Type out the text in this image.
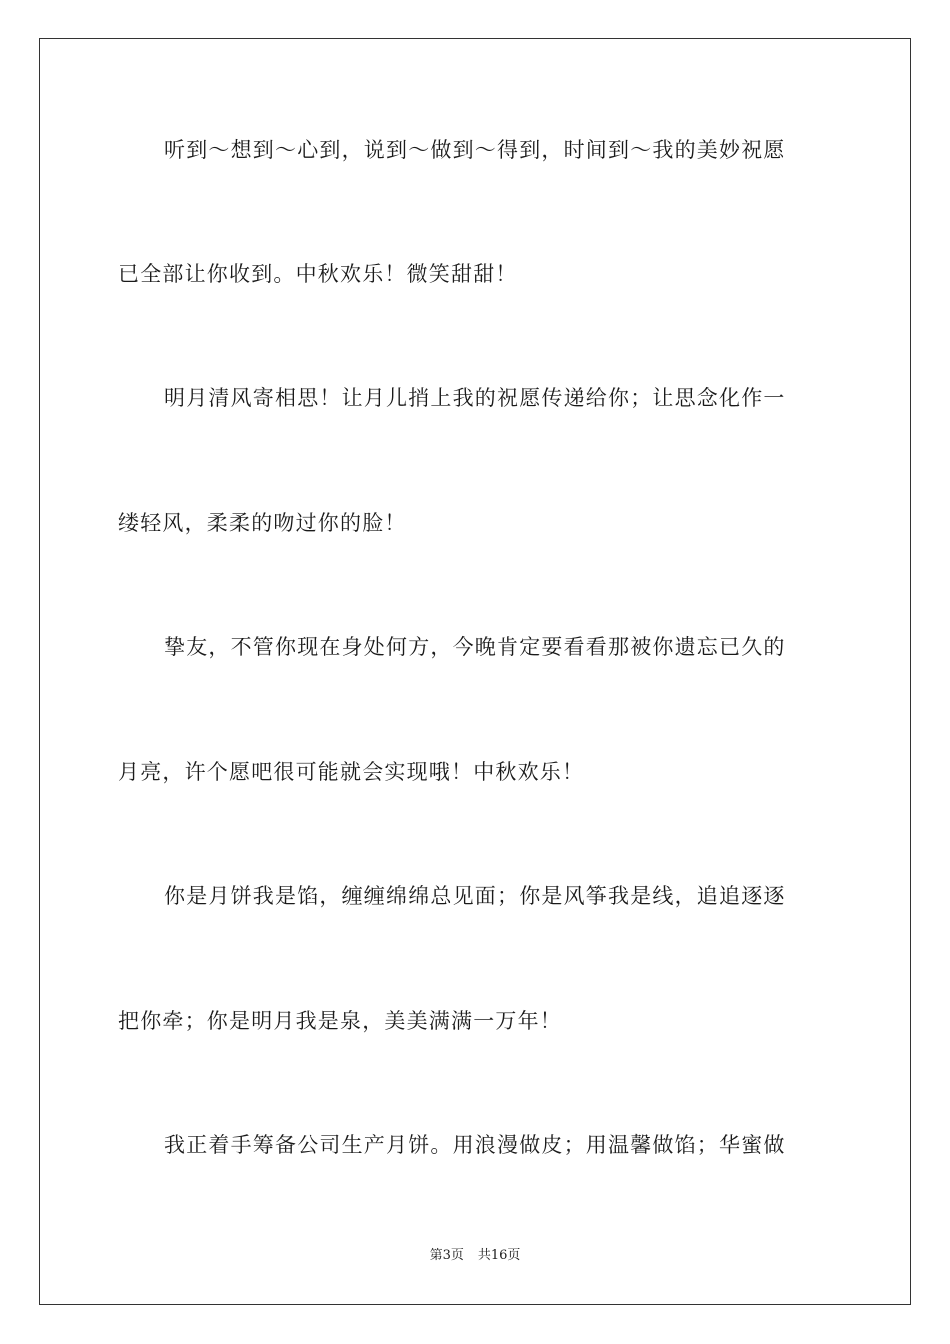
听到～想到～心到，说到～做到～得到，时间到～我的美妙祝愿
已全部让你收到。中秋欢乐！微笑甜甜！
明月清风寄相思！让月儿捎上我的祝愿传递给你；让思念化作一
缕轻风，柔柔的吻过你的脸！
挚友，不管你现在身处何方，今晚肯定要看看那被你遗忘已久的
月亮，许个愿吧很可能就会实现哦！中秋欢乐！
你是月饼我是馅，缠缠绵绵总见面；你是风筝我是线，追追逐逐
把你牵；你是明月我是泉，美美满满一万年！
我正着手筹备公司生产月饼。用浪漫做皮；用温馨做馅；华蜜做
第3页 共16页
